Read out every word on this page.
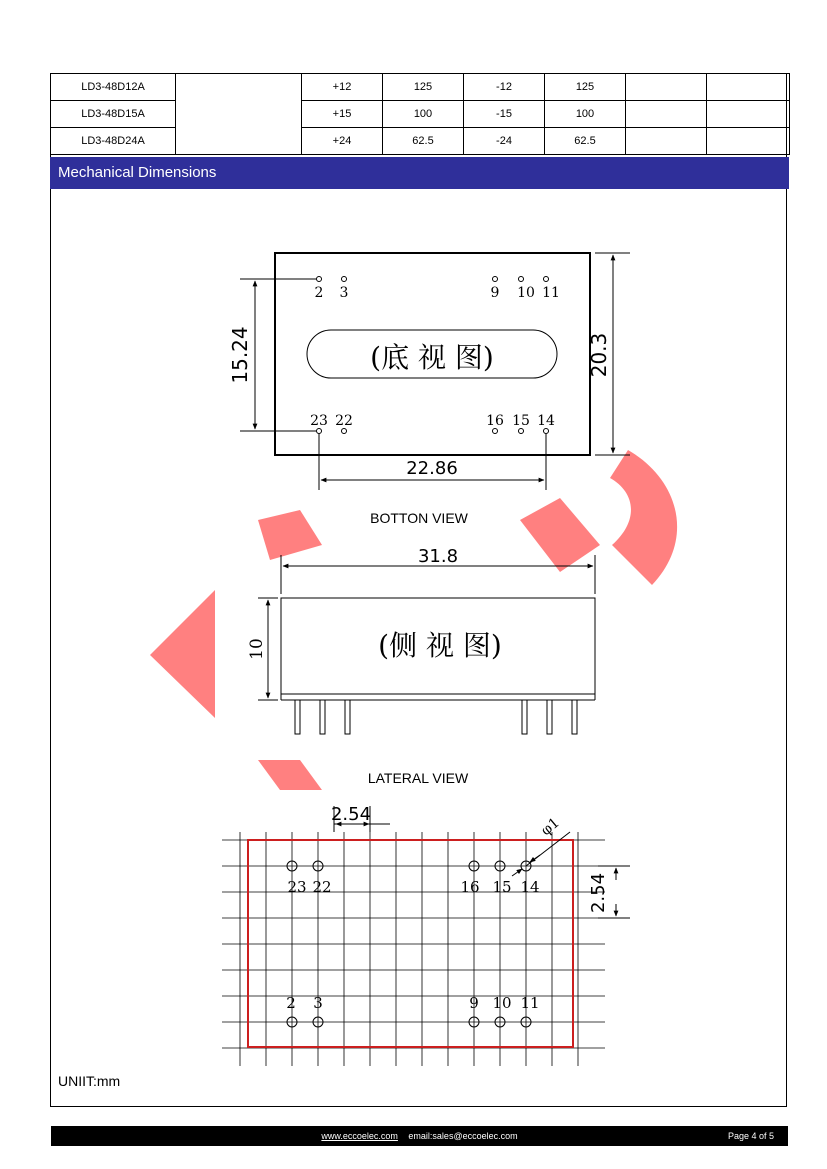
LD3-48D12A		+12	125	-12	125		
LD3-48D15A		+15	100	-15	100		
LD3-48D24A		+24	62.5	-24	62.5		
Mechanical Dimensions
2 3	9 10 11
23 22	16 15 14
(底 视 图)
15.24	20.3
22.86
(侧 视 图)
31.8
10
23 22	16 15 14
2 3	9 10 11
2.54
2.54
φ1
BOTTON VIEW
LATERAL VIEW
UNIIT:mm
www.eccoelec.com email:sales@eccoelec.com	Page 4 of 5
